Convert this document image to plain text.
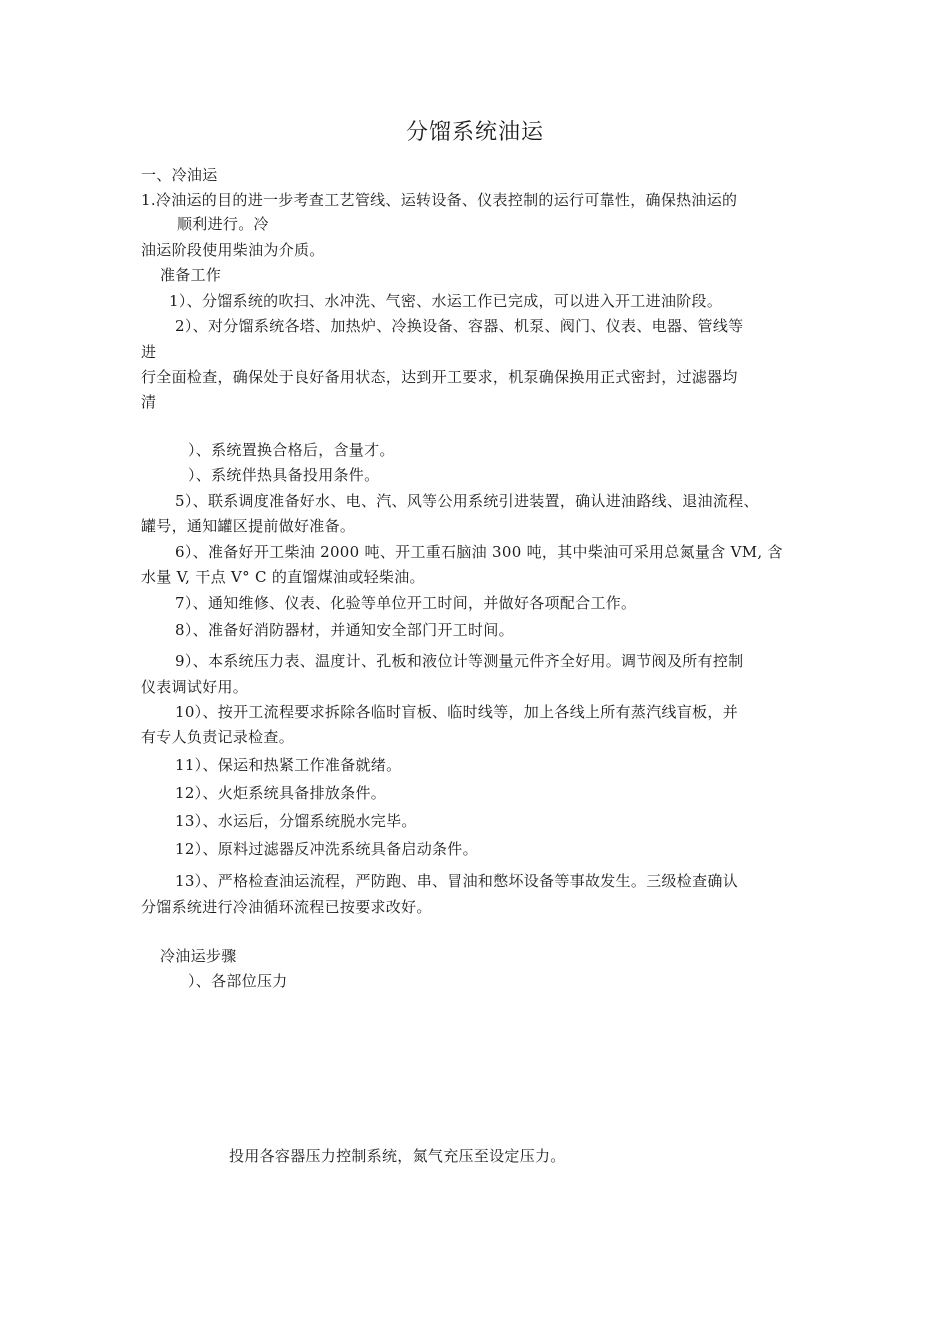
分馏系统油运
一、冷油运
1.冷油运的目的进一步考查工艺管线、运转设备、仪表控制的运行可靠性，确保热油运的
顺利进行。冷
油运阶段使用柴油为介质。
准备工作
1）、分馏系统的吹扫、水冲洗、气密、水运工作已完成，可以进入开工进油阶段。
2）、对分馏系统各塔、加热炉、冷换设备、容器、机泵、阀门、仪表、电器、管线等
进
行全面检查，确保处于良好备用状态，达到开工要求，机泵确保换用正式密封，过滤器均
清
）、系统置换合格后，含量才。
）、系统伴热具备投用条件。
5）、联系调度准备好水、电、汽、风等公用系统引进装置，确认进油路线、退油流程、
罐号，通知罐区提前做好准备。
6）、准备好开工柴油 2000 吨、开工重石脑油 300 吨，其中柴油可采用总氮量含 VM, 含
水量 V, 干点 V° C 的直馏煤油或轻柴油。
7）、通知维修、仪表、化验等单位开工时间，并做好各项配合工作。
8）、准备好消防器材，并通知安全部门开工时间。
9）、本系统压力表、温度计、孔板和液位计等测量元件齐全好用。调节阀及所有控制
仪表调试好用。
10）、按开工流程要求拆除各临时盲板、临时线等，加上各线上所有蒸汽线盲板，并
有专人负责记录检查。
11）、保运和热紧工作准备就绪。
12）、火炬系统具备排放条件。
13）、水运后，分馏系统脱水完毕。
12）、原料过滤器反冲洗系统具备启动条件。
13）、严格检查油运流程，严防跑、串、冒油和憋坏设备等事故发生。三级检查确认
分馏系统进行冷油循环流程已按要求改好。
冷油运步骤
）、各部位压力
投用各容器压力控制系统，氮气充压至设定压力。
